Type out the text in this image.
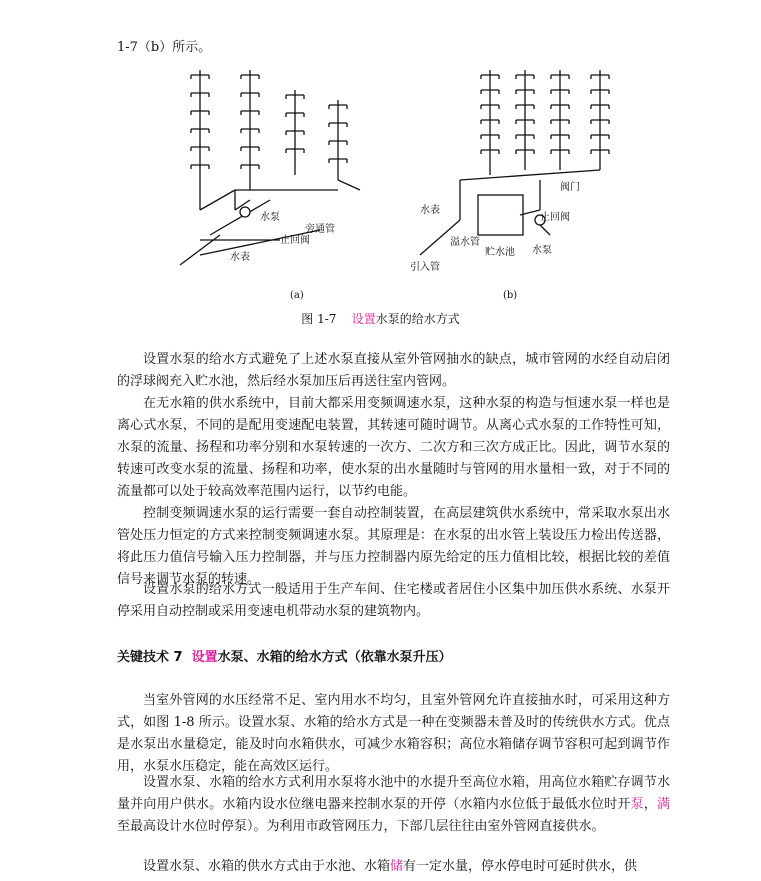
1-7（b）所示。
水泵
旁通管
止回阀
水表
阀门
水表
止回阀
溢水管
贮水池 水泵
引入管
(a)	(b)
图 1-7 设置水泵的给水方式

设置水泵的给水方式避免了上述水泵直接从室外管网抽水的缺点，城市管网的水经自动启闭的浮球阀充入贮水池，然后经水泵加压后再送往室内管网。

在无水箱的供水系统中，目前大都采用变频调速水泵，这种水泵的构造与恒速水泵一样也是离心式水泵，不同的是配用变速配电装置，其转速可随时调节。从离心式水泵的工作特性可知，水泵的流量、扬程和功率分别和水泵转速的一次方、二次方和三次方成正比。因此，调节水泵的转速可改变水泵的流量、扬程和功率，使水泵的出水量随时与管网的用水量相一致，对于不同的流量都可以处于较高效率范围内运行，以节约电能。

控制变频调速水泵的运行需要一套自动控制装置，在高层建筑供水系统中，常采取水泵出水管处压力恒定的方式来控制变频调速水泵。其原理是：在水泵的出水管上装设压力检出传送器，将此压力值信号输入压力控制器，并与压力控制器内原先给定的压力值相比较，根据比较的差值信号来调节水泵的转速。

设置水泵的给水方式一般适用于生产车间、住宅楼或者居住小区集中加压供水系统、水泵开停采用自动控制或采用变速电机带动水泵的建筑物内。

关键技术 7 设置水泵、水箱的给水方式（依靠水泵升压）

当室外管网的水压经常不足、室内用水不均匀，且室外管网允许直接抽水时，可采用这种方式，如图 1-8 所示。设置水泵、水箱的给水方式是一种在变频器未普及时的传统供水方式。优点是水泵出水量稳定，能及时向水箱供水，可减少水箱容积；高位水箱储存调节容积可起到调节作用，水泵水压稳定，能在高效区运行。

设置水泵、水箱的给水方式利用水泵将水池中的水提升至高位水箱，用高位水箱贮存调节水量并向用户供水。水箱内设水位继电器来控制水泵的开停（水箱内水位低于最低水位时开泵，满至最高设计水位时停泵）。为利用市政管网压力，下部几层往往由室外管网直接供水。

设置水泵、水箱的供水方式由于水池、水箱储有一定水量，停水停电时可延时供水，供
